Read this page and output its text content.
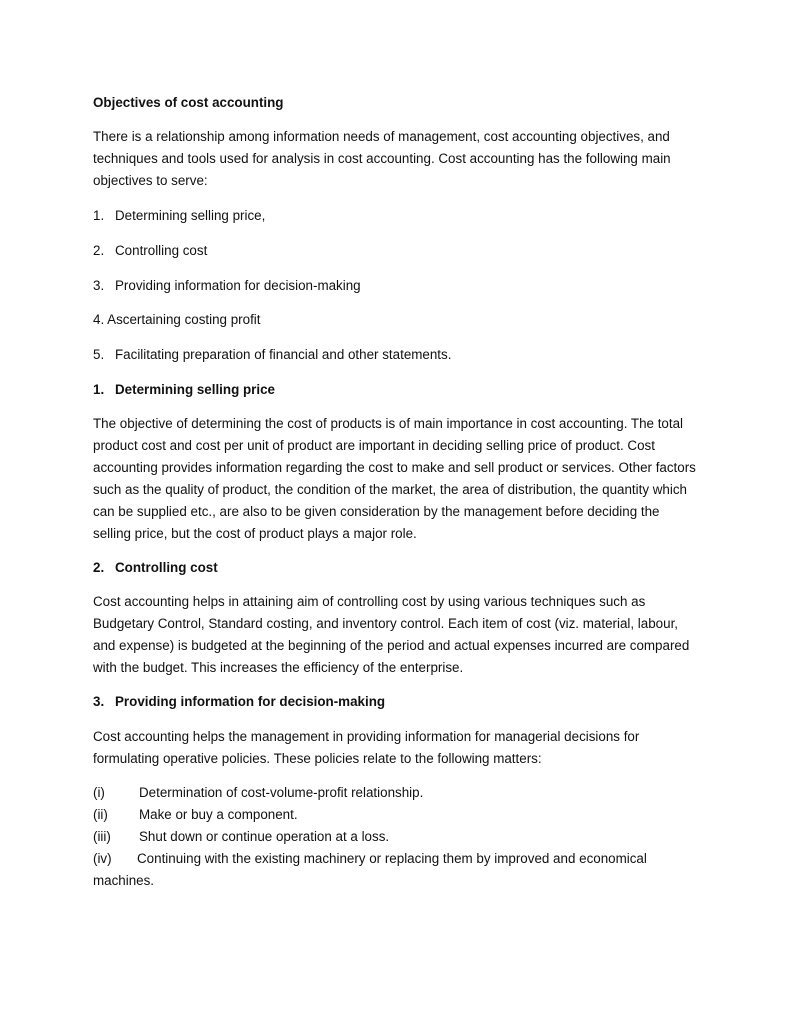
Objectives of cost accounting

There is a relationship among information needs of management, cost accounting objectives, and techniques and tools used for analysis in cost accounting. Cost accounting has the following main objectives to serve:

1. Determining selling price,

2. Controlling cost

3. Providing information for decision-making

4. Ascertaining costing profit

5. Facilitating preparation of financial and other statements.

1. Determining selling price

The objective of determining the cost of products is of main importance in cost accounting. The total product cost and cost per unit of product are important in deciding selling price of product. Cost accounting provides information regarding the cost to make and sell product or services. Other factors such as the quality of product, the condition of the market, the area of distribution, the quantity which can be supplied etc., are also to be given consideration by the management before deciding the selling price, but the cost of product plays a major role.

2. Controlling cost

Cost accounting helps in attaining aim of controlling cost by using various techniques such as Budgetary Control, Standard costing, and inventory control. Each item of cost (viz. material, labour, and expense) is budgeted at the beginning of the period and actual expenses incurred are compared with the budget. This increases the efficiency of the enterprise.

3. Providing information for decision-making

Cost accounting helps the management in providing information for managerial decisions for formulating operative policies. These policies relate to the following matters:

(i)	Determination of cost-volume-profit relationship.
(ii) Make or buy a component.
(iii) Shut down or continue operation at a loss.
(iv) Continuing with the existing machinery or replacing them by improved and economical machines.
